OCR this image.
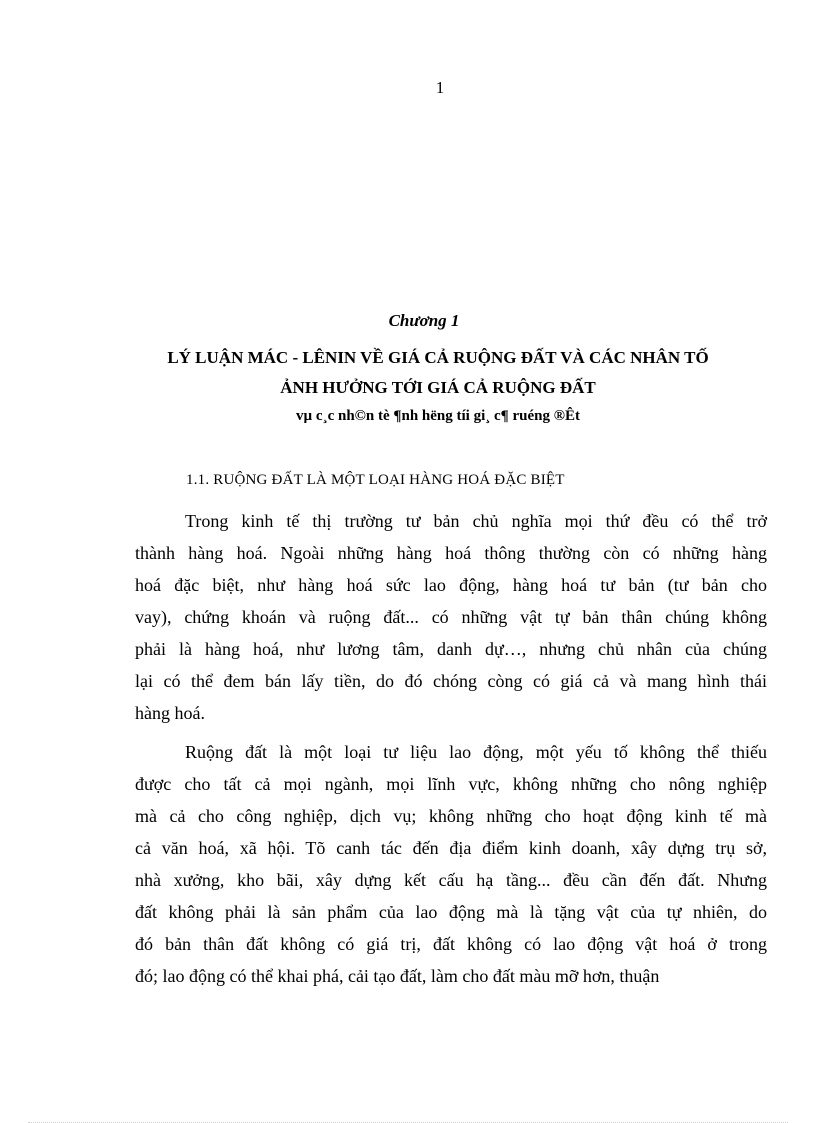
1
Chương 1
LÝ LUẬN MÁC - LÊNIN VỀ GIÁ CẢ RUỘNG ĐẤT VÀ CÁC NHÂN TỐ
ẢNH HƯỞNG TỚI GIÁ CẢ RUỘNG ĐẤT
vµ c¸c nh©n tè ¶nh hëng tíi gi¸ c¶ ruéng ®Êt
1.1. RUỘNG ĐẤT LÀ MỘT LOẠI HÀNG HOÁ ĐẶC BIỆT
Trong kinh tế thị trường tư bản chủ nghĩa mọi thứ đều có thể trở
thành hàng hoá. Ngoài những hàng hoá thông thường còn có những hàng
hoá đặc biệt, như hàng hoá sức lao động, hàng hoá tư bản (tư bản cho
vay), chứng khoán và ruộng đất... có những vật tự bản thân chúng không
phải là hàng hoá, như lương tâm, danh dự…, nhưng chủ nhân của chúng
lại có thể đem bán lấy tiền, do đó chóng còng có giá cả và mang hình thái
hàng hoá.
Ruộng đất là một loại tư liệu lao động, một yếu tố không thể thiếu
được cho tất cả mọi ngành, mọi lĩnh vực, không những cho nông nghiệp
mà cả cho công nghiệp, dịch vụ; không những cho hoạt động kinh tế mà
cả văn hoá, xã hội. Tõ canh tác đến địa điểm kinh doanh, xây dựng trụ sở,
nhà xưởng, kho bãi, xây dựng kết cấu hạ tầng... đều cần đến đất. Nhưng
đất không phải là sản phẩm của lao động mà là tặng vật của tự nhiên, do
đó bản thân đất không có giá trị, đất không có lao động vật hoá ở trong
đó; lao động có thể khai phá, cải tạo đất, làm cho đất màu mỡ hơn, thuận
